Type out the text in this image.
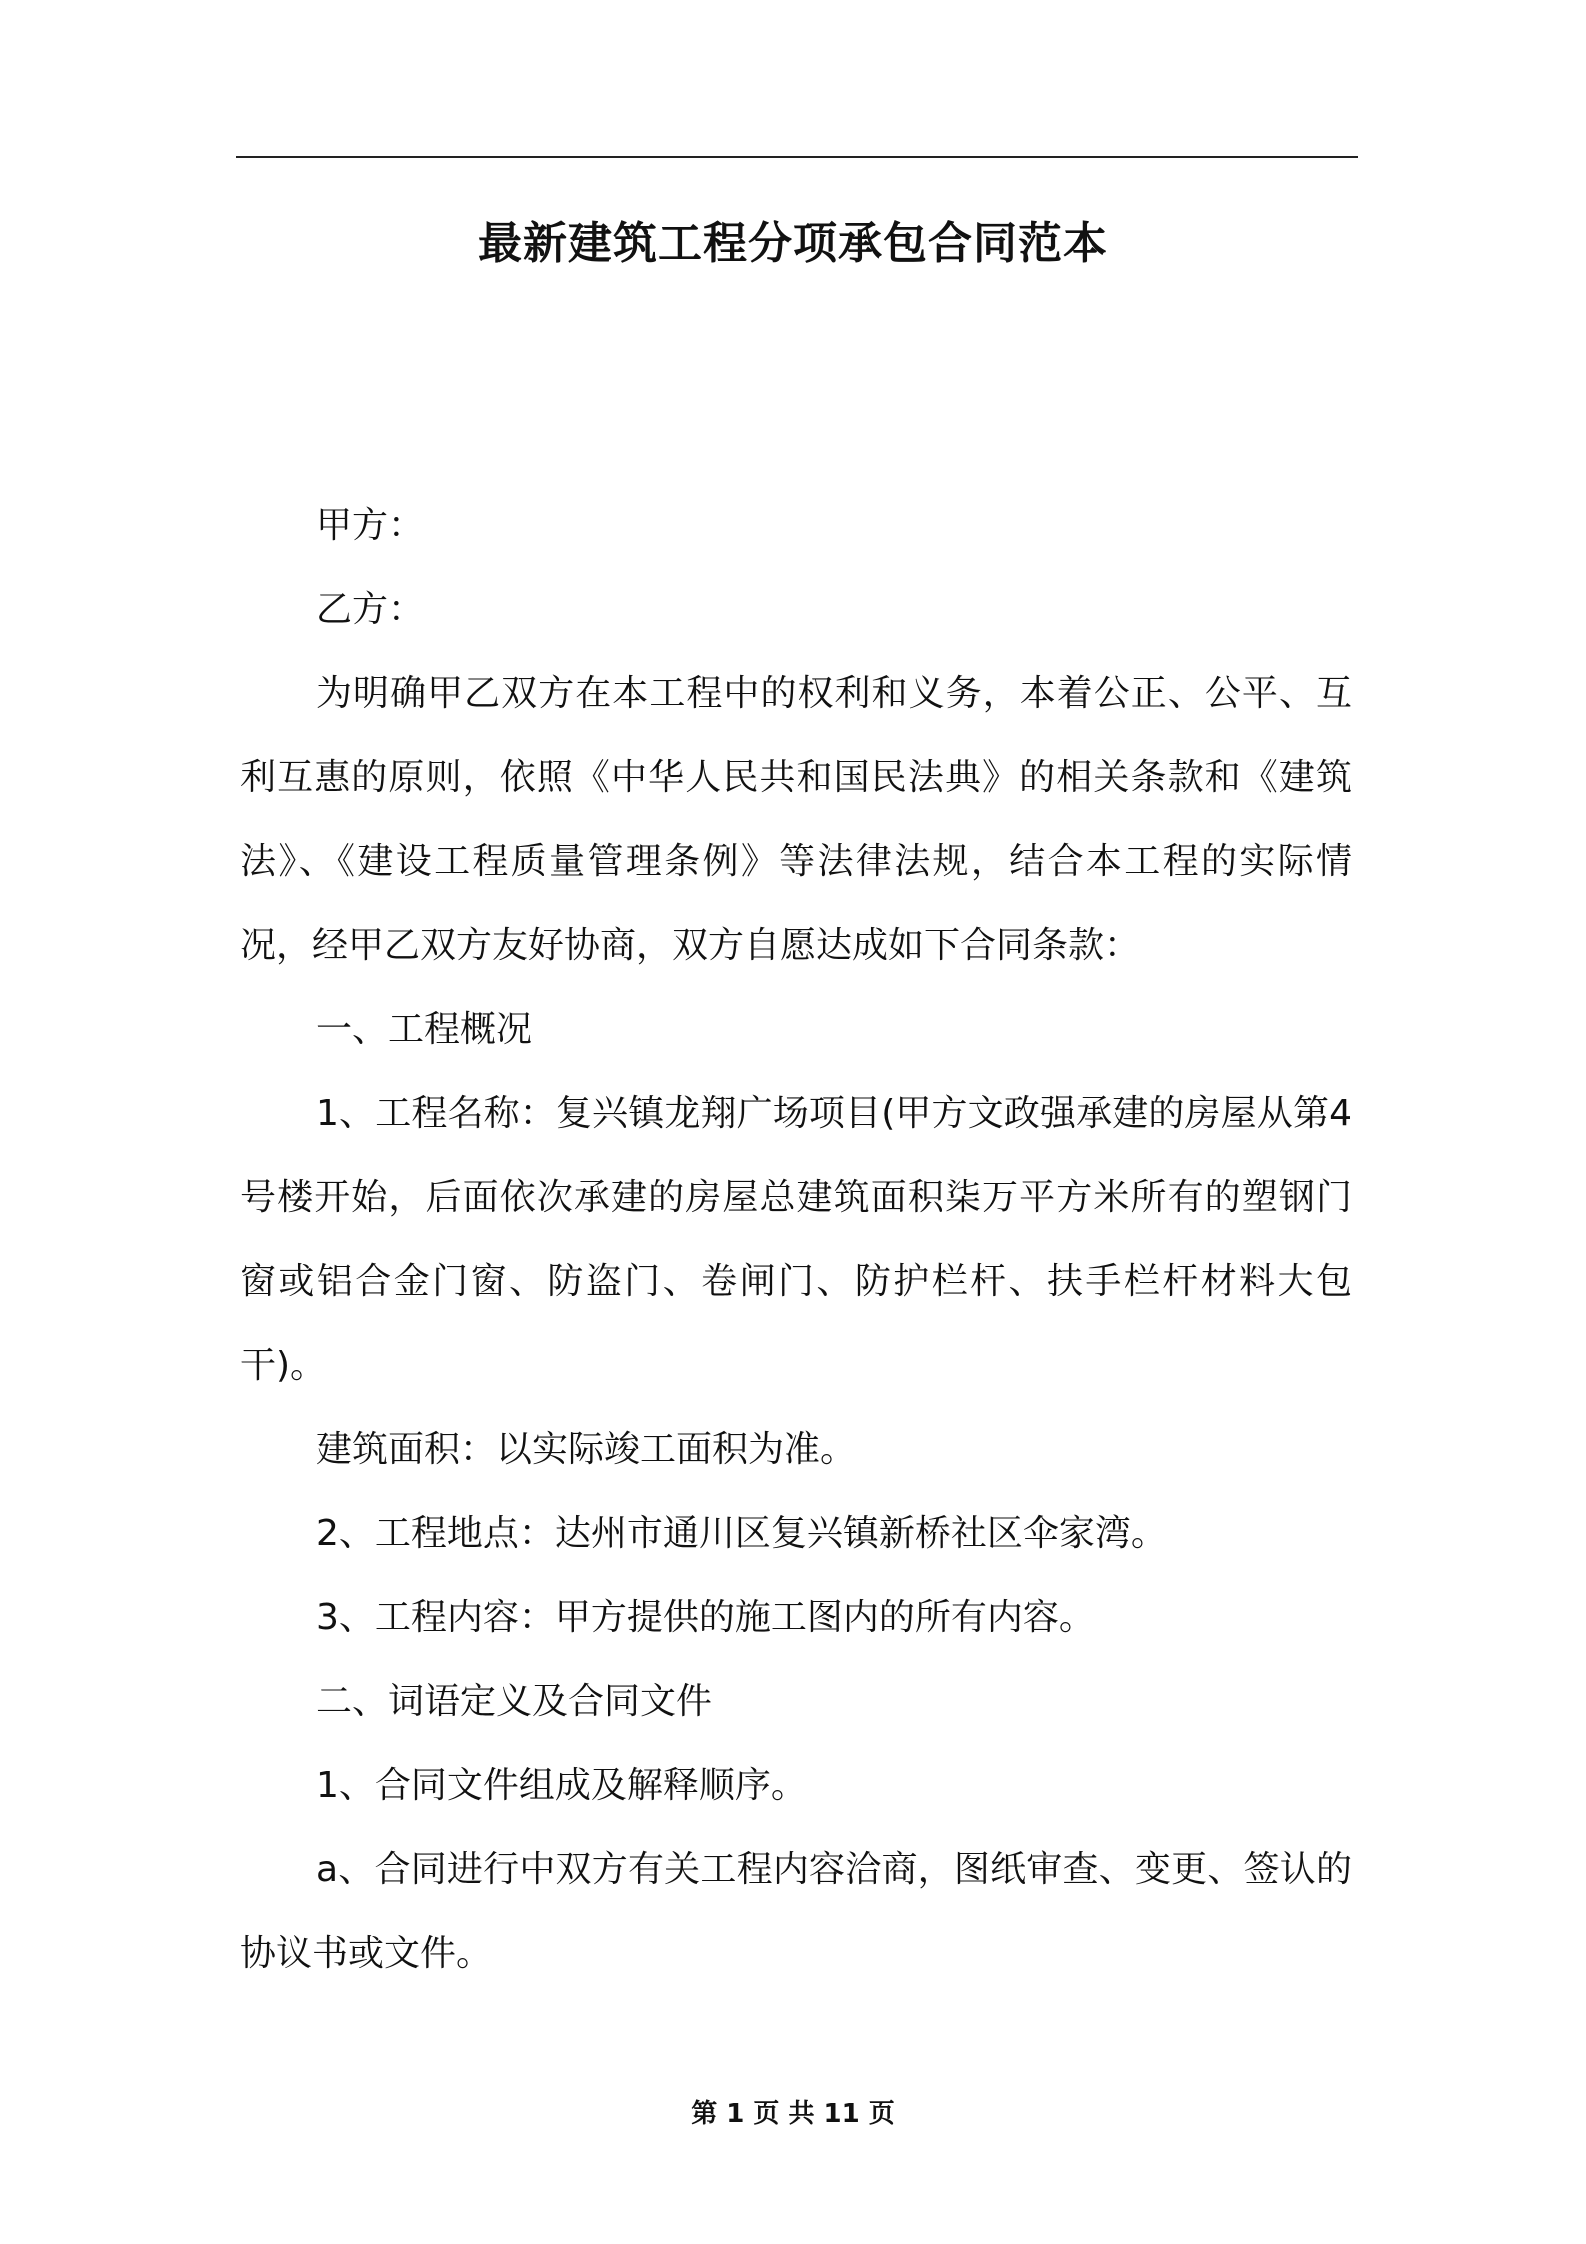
最新建筑工程分项承包合同范本

甲方：

乙方：

为明确甲乙双方在本工程中的权利和义务，本着公正、公平、互利互惠的原则，依照《中华人民共和国民法典》的相关条款和《建筑法》、《建设工程质量管理条例》等法律法规，结合本工程的实际情况，经甲乙双方友好协商，双方自愿达成如下合同条款：

一、工程概况

1、工程名称：复兴镇龙翔广场项目(甲方文政强承建的房屋从第4号楼开始，后面依次承建的房屋总建筑面积柒万平方米所有的塑钢门窗或铝合金门窗、防盗门、卷闸门、防护栏杆、扶手栏杆材料大包干)。

建筑面积：以实际竣工面积为准。

2、工程地点：达州市通川区复兴镇新桥社区伞家湾。

3、工程内容：甲方提供的施工图内的所有内容。

二、词语定义及合同文件

1、合同文件组成及解释顺序。

a、合同进行中双方有关工程内容洽商，图纸审查、变更、签认的协议书或文件。

第 1 页 共 11 页
